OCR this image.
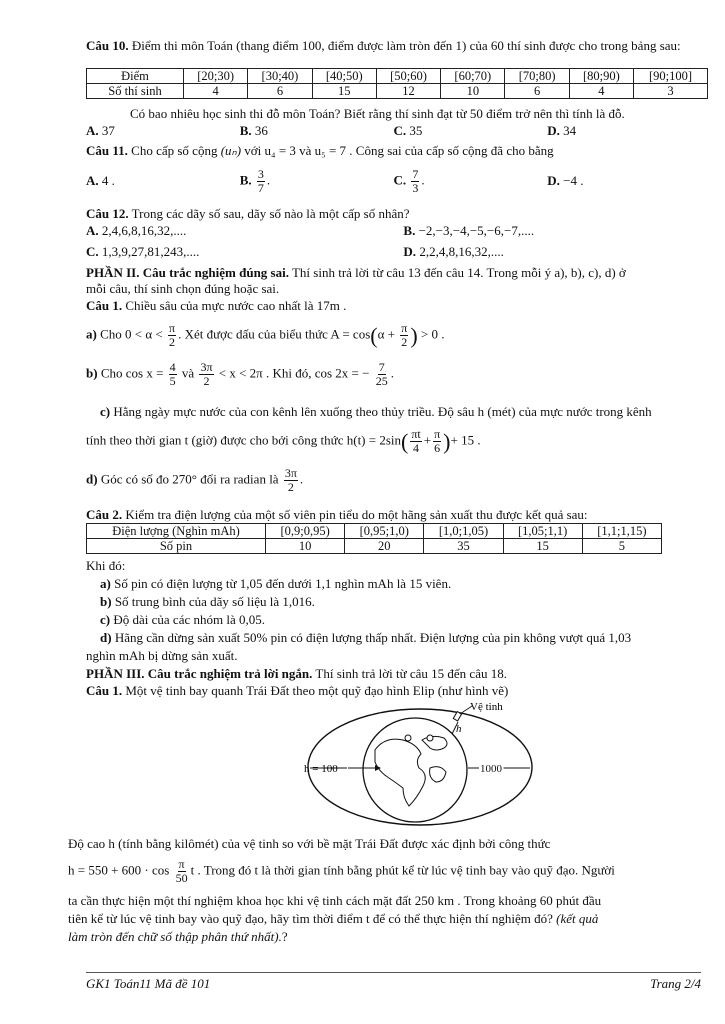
Câu 10. Điểm thi môn Toán (thang điểm 100, điểm được làm tròn đến 1) của 60 thí sinh được cho trong bảng sau:
Điểm	[20;30)	[30;40)	[40;50)	[50;60)	[60;70)	[70;80)	[80;90)	[90;100]
Số thí sinh	4	6	15	12	10	6	4	3
Có bao nhiêu học sinh thi đỗ môn Toán? Biết rằng thí sinh đạt từ 50 điểm trở nên thì tính là đỗ.
A. 37	B. 36	C. 35	D. 34
Câu 11. Cho cấp số cộng (uₙ) với u₄ = 3 và u₅ = 7 . Công sai của cấp số cộng đã cho bằng
A. 4 .	B. $\frac{3}{7}$ .	C. $\frac{7}{3}$ .	D. −4 .
Câu 12. Trong các dãy số sau, dãy số nào là một cấp số nhân?
A. 2,4,6,8,16,32,....	B. −2,−3,−4,−5,−6,−7,....
C. 1,3,9,27,81,243,....	D. 2,2,4,8,16,32,....
PHẦN II. Câu trắc nghiệm đúng sai. Thí sinh trả lời từ câu 13 đến câu 14. Trong mỗi ý a), b), c), d) ở
mỗi câu, thí sinh chọn đúng hoặc sai.
Câu 1. Chiều sâu của mực nước cao nhất là 17m .
a) Cho $0 < \alpha < \frac{\pi}{2}$ . Xét được dấu của biểu thức $A = \cos(\alpha + \frac{\pi}{2}$ ) > 0 .
b) Cho $\cos x = \frac{4}{5}$ và $\frac{3\pi}{2} < x < 2\pi$ . Khi đó, cos 2x = − $\frac{7}{25}$ .
c) Hằng ngày mực nước của con kênh lên xuống theo thủy triều. Độ sâu h (mét) của mực nước trong kênh
tính theo thời gian t (giờ) được cho bởi công thức $h(t) = 2\sin( \frac{\pi t}{4} + \frac{\pi}{6}$ )+ 15 .
d) Góc có số đo 270° đổi ra radian là $\frac{3\pi}{2}$ .
Câu 2. Kiểm tra điện lượng của một số viên pin tiểu do một hãng sản xuất thu được kết quả sau:
Điện lượng (Nghìn mAh)	[0,9;0,95)	[0,95;1,0)	[1,0;1,05)	[1,05;1,1)	[1,1;1,15)
Số pin	10	20	35	15	5
Khi đó:
a) Số pin có điện lượng từ 1,05 đến dưới 1,1 nghìn mAh là 15 viên.
b) Số trung bình của dãy số liệu là 1,016.
c) Độ dài của các nhóm là 0,05.
d) Hãng cần dừng sản xuất 50% pin có điện lượng thấp nhất. Điện lượng của pin không vượt quá 1,03
nghìn mAh bị dừng sản xuất.
PHẦN III. Câu trắc nghiệm trả lời ngắn. Thí sinh trả lời từ câu 15 đến câu 18.
Câu 1. Một vệ tinh bay quanh Trái Đất theo một quỹ đạo hình Elip (như hình vẽ)
Vệ tinh
h
h = 100	1000
Độ cao h (tính bằng kilômét) của vệ tinh so với bề mặt Trái Đất được xác định bởi công thức
$h = 550 + 600 \cdot \cos \frac{\pi}{50}$ t . Trong đó t là thời gian tính bằng phút kể từ lúc vệ tinh bay vào quỹ đạo. Người
ta cần thực hiện một thí nghiệm khoa học khi vệ tinh cách mặt đất 250 km . Trong khoảng 60 phút đầu
tiên kể từ lúc vệ tinh bay vào quỹ đạo, hãy tìm thời điểm t để có thể thực hiện thí nghiệm đó? (kết quả
làm tròn đến chữ số thập phân thứ nhất).?
GK1 Toán11 Mã đề 101	Trang 2/4
